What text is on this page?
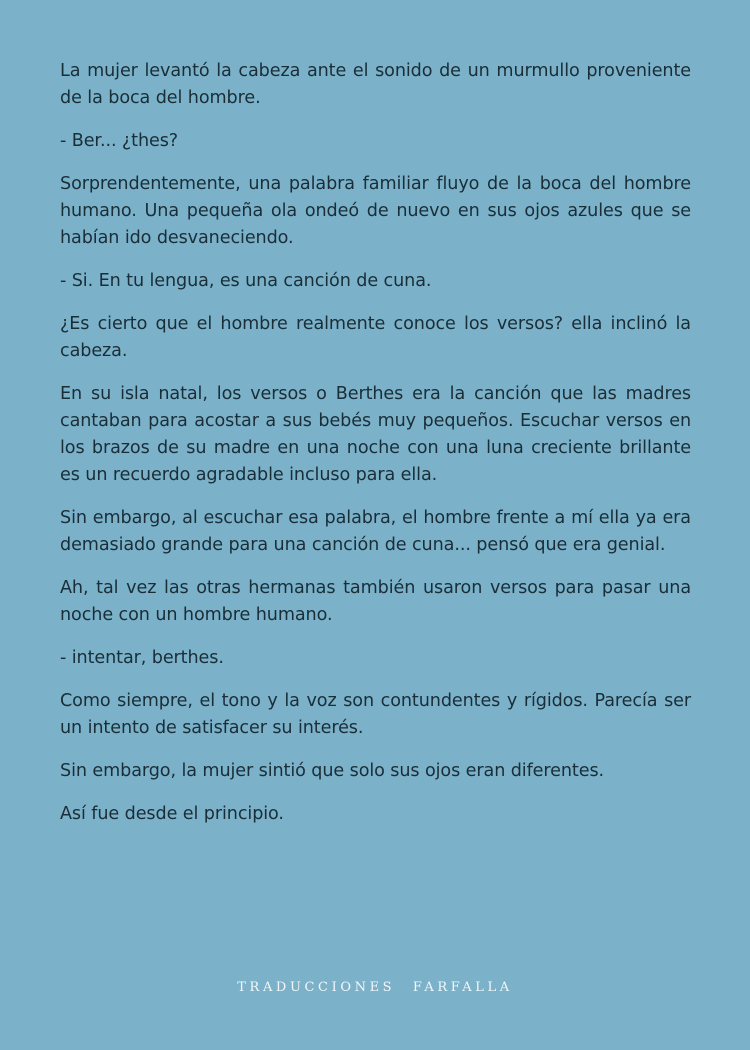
La mujer levantó la cabeza ante el sonido de un murmullo proveniente de la boca del hombre.

- Ber... ¿thes?

Sorprendentemente, una palabra familiar fluyo de la boca del hombre humano. Una pequeña ola ondeó de nuevo en sus ojos azules que se habían ido desvaneciendo.

- Si. En tu lengua, es una canción de cuna.

¿Es cierto que el hombre realmente conoce los versos? ella inclinó la cabeza.

En su isla natal, los versos o Berthes era la canción que las madres cantaban para acostar a sus bebés muy pequeños. Escuchar versos en los brazos de su madre en una noche con una luna creciente brillante es un recuerdo agradable incluso para ella.

Sin embargo, al escuchar esa palabra, el hombre frente a mí ella ya era demasiado grande para una canción de cuna... pensó que era genial.

Ah, tal vez las otras hermanas también usaron versos para pasar una noche con un hombre humano.

- intentar, berthes.

Como siempre, el tono y la voz son contundentes y rígidos. Parecía ser un intento de satisfacer su interés.

Sin embargo, la mujer sintió que solo sus ojos eran diferentes.

Así fue desde el principio.

TRADUCCIONES FARFALLA
